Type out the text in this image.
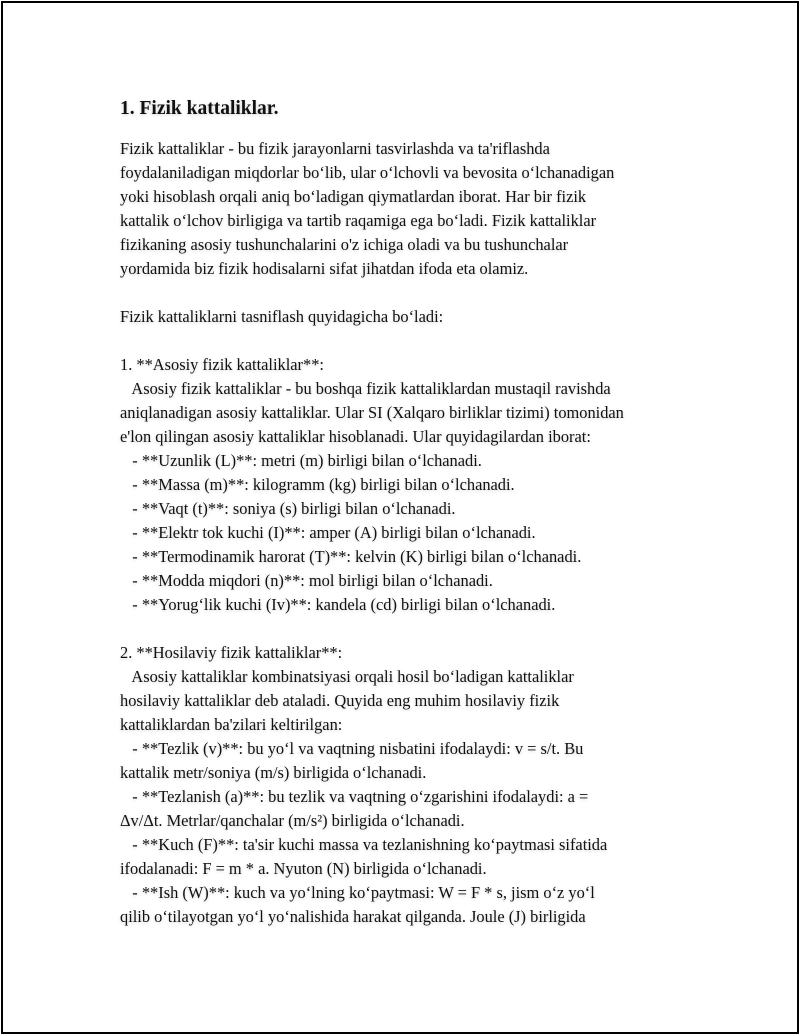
1. Fizik kattaliklar.
Fizik kattaliklar - bu fizik jarayonlarni tasvirlashda va ta'riflashda
foydalaniladigan miqdorlar bo‘lib, ular o‘lchovli va bevosita o‘lchanadigan
yoki hisoblash orqali aniq bo‘ladigan qiymatlardan iborat. Har bir fizik
kattalik o‘lchov birligiga va tartib raqamiga ega bo‘ladi. Fizik kattaliklar
fizikaning asosiy tushunchalarini o'z ichiga oladi va bu tushunchalar
yordamida biz fizik hodisalarni sifat jihatdan ifoda eta olamiz.
Fizik kattaliklarni tasniflash quyidagicha bo‘ladi:
1. **Asosiy fizik kattaliklar**:
Asosiy fizik kattaliklar - bu boshqa fizik kattaliklardan mustaqil ravishda
aniqlanadigan asosiy kattaliklar. Ular SI (Xalqaro birliklar tizimi) tomonidan
e'lon qilingan asosiy kattaliklar hisoblanadi. Ular quyidagilardan iborat:
- **Uzunlik (L)**: metri (m) birligi bilan o‘lchanadi.
- **Massa (m)**: kilogramm (kg) birligi bilan o‘lchanadi.
- **Vaqt (t)**: soniya (s) birligi bilan o‘lchanadi.
- **Elektr tok kuchi (I)**: amper (A) birligi bilan o‘lchanadi.
- **Termodinamik harorat (T)**: kelvin (K) birligi bilan o‘lchanadi.
- **Modda miqdori (n)**: mol birligi bilan o‘lchanadi.
- **Yorug‘lik kuchi (Iv)**: kandela (cd) birligi bilan o‘lchanadi.
2. **Hosilaviy fizik kattaliklar**:
Asosiy kattaliklar kombinatsiyasi orqali hosil bo‘ladigan kattaliklar
hosilaviy kattaliklar deb ataladi. Quyida eng muhim hosilaviy fizik
kattaliklardan ba'zilari keltirilgan:
- **Tezlik (v)**: bu yo‘l va vaqtning nisbatini ifodalaydi: v = s/t. Bu
kattalik metr/soniya (m/s) birligida o‘lchanadi.
- **Tezlanish (a)**: bu tezlik va vaqtning o‘zgarishini ifodalaydi: a =
Δv/Δt. Metrlar/qanchalar (m/s²) birligida o‘lchanadi.
- **Kuch (F)**: ta'sir kuchi massa va tezlanishning ko‘paytmasi sifatida
ifodalanadi: F = m * a. Nyuton (N) birligida o‘lchanadi.
- **Ish (W)**: kuch va yo‘lning ko‘paytmasi: W = F * s, jism o‘z yo‘l
qilib o‘tilayotgan yo‘l yo‘nalishida harakat qilganda. Joule (J) birligida
